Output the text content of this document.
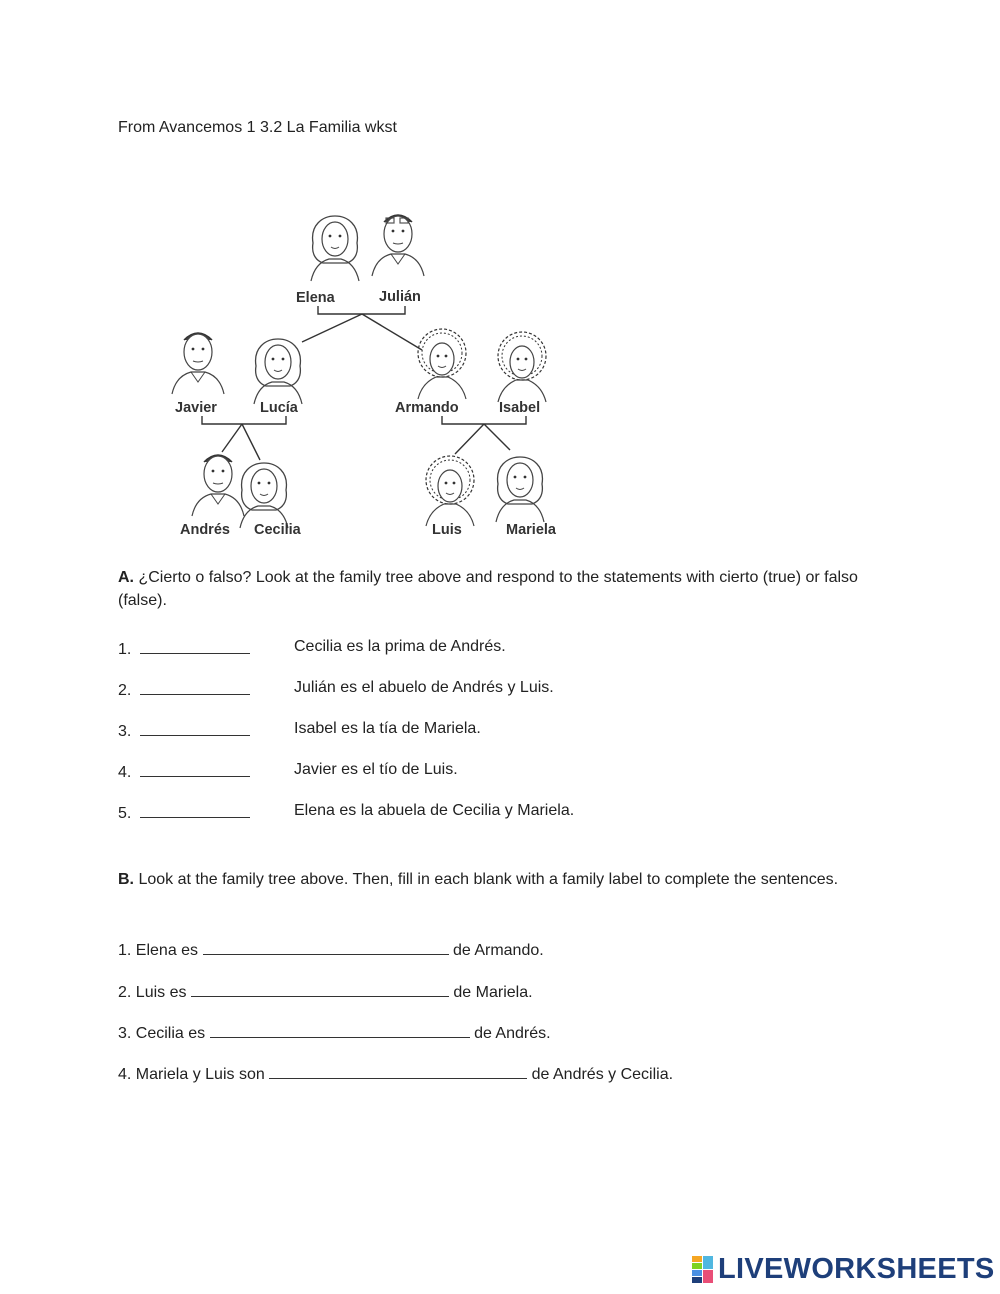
From Avancemos 1 3.2 La Familia wkst
Elena	Julián
Javier	Lucía	Armando	Isabel
Andrés Cecilia	Luis	Mariela
A. ¿Cierto o falso? Look at the family tree above and respond to the statements with cierto (true) or falso (false).
1.	Cecilia es la prima de Andrés.
2.	Julián es el abuelo de Andrés y Luis.
3.	Isabel es la tía de Mariela.
4.	Javier es el tío de Luis.
5.	Elena es la abuela de Cecilia y Mariela.
B. Look at the family tree above. Then, fill in each blank with a family label to complete the sentences.
1. Elena es	de Armando.
2. Luis es	de Mariela.
3. Cecilia es	de Andrés.
4. Mariela y Luis son	de Andrés y Cecilia.
LIVEWORKSHEETS
